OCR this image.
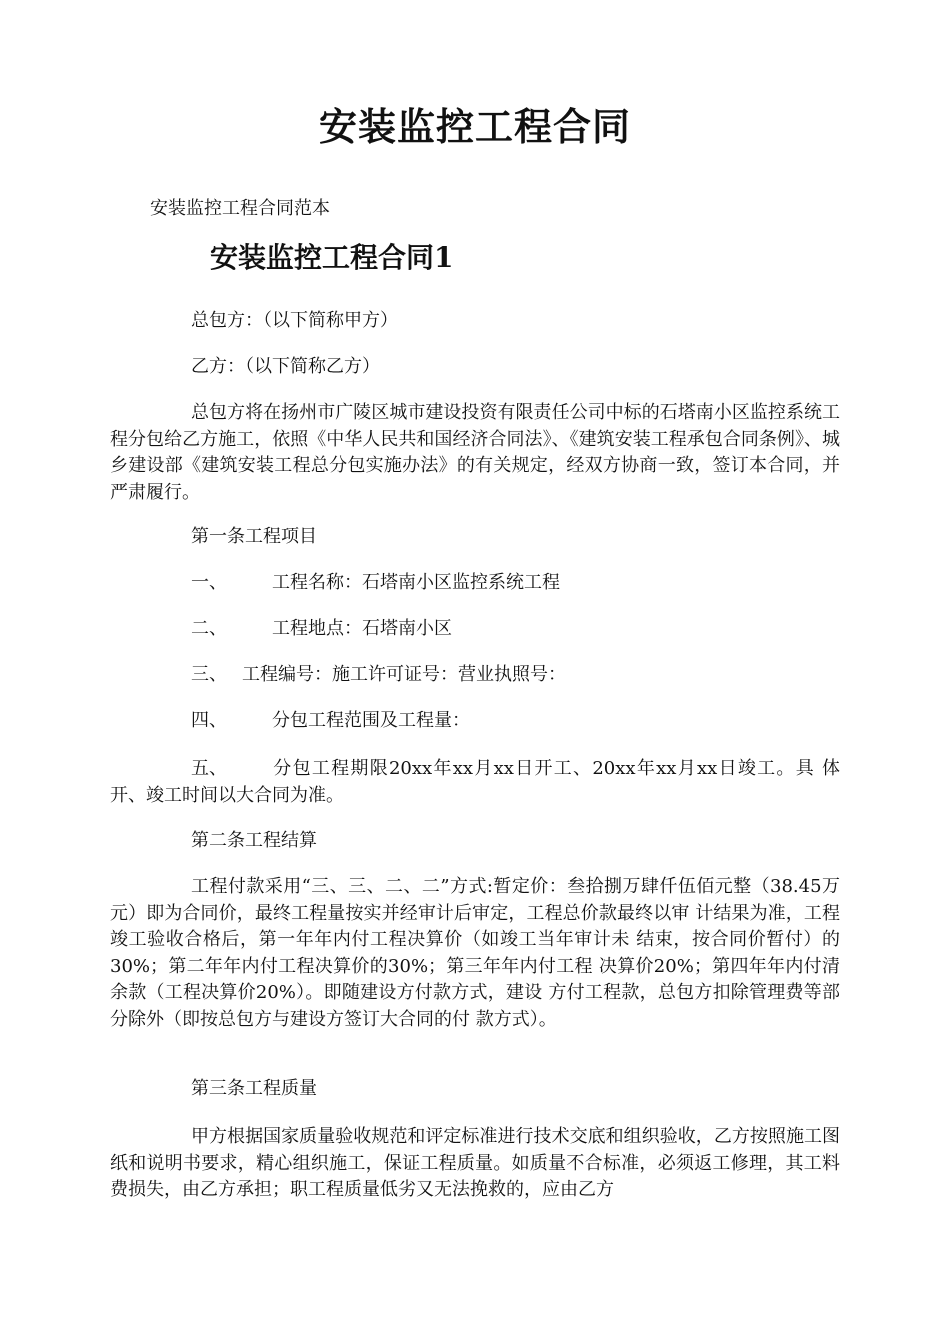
安装监控工程合同
安装监控工程合同范本
安装监控工程合同1
总包方：（以下简称甲方）
乙方：（以下简称乙方）
总包方将在扬州市广陵区城市建设投资有限责任公司中标的石塔南小区监控系统工程分包给乙方施工，依照《中华人民共和国经济合同法》、《建筑安装工程承包合同条例》、城乡建设部《建筑安装工程总分包实施办法》的有关规定，经双方协商一致，签订本合同，并严肃履行。
第一条工程项目
一、	工程名称：石塔南小区监控系统工程
二、	工程地点：石塔南小区
三、 工程编号：施工许可证号：营业执照号：
四、	分包工程范围及工程量：
五、	分包工程期限20xx年xx月xx日开工、20xx年xx月xx日竣工。具 体开、竣工时间以大合同为准。
第二条工程结算
工程付款采用“三、三、二、二”方式:暂定价：叁拾捌万肆仟伍佰元整（38.45万元）即为合同价，最终工程量按实并经审计后审定，工程总价款最终以审 计结果为准，工程竣工验收合格后，第一年年内付工程决算价（如竣工当年审计未 结束，按合同价暂付）的30%；第二年年内付工程决算价的30%；第三年年内付工程 决算价20%；第四年年内付清余款（工程决算价20%）。即随建设方付款方式，建设 方付工程款，总包方扣除管理费等部分除外（即按总包方与建设方签订大合同的付 款方式）。
第三条工程质量
甲方根据国家质量验收规范和评定标准进行技术交底和组织验收，乙方按照施工图纸和说明书要求，精心组织施工，保证工程质量。如质量不合标准，必须返工修理，其工料费损失，由乙方承担；职工程质量低劣又无法挽救的，应由乙方
